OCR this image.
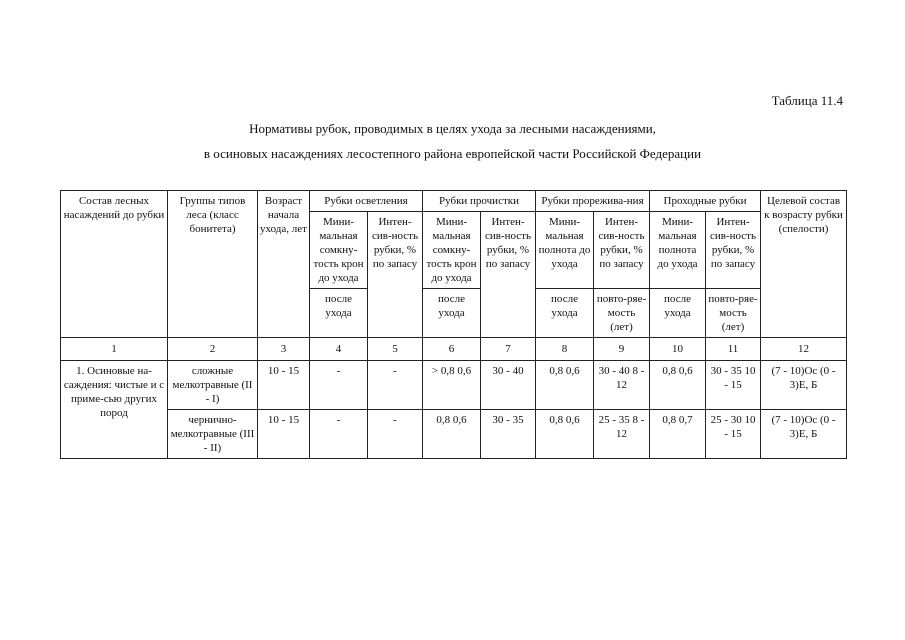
Таблица 11.4
Нормативы рубок, проводимых в целях ухода за лесными насаждениями,
в осиновых насаждениях лесостепного района европейской части Российской Федерации
Состав лесных насаждений до рубки	Группы типов леса (класс бонитета)	Возраст начала ухода, лет	Рубки осветления		Рубки прочистки		Рубки прорежива-ния		Проходные рубки		Целевой состав к возрасту рубки (спелости)
			Мини-мальная сомкну-тость крон до ухода	Интен-сив-ность рубки, % по запасу	Мини-мальная сомкну-тость крон до ухода	Интен-сив-ность рубки, % по запасу	Мини-мальная полнота до ухода	Интен-сив-ность рубки, % по запасу	Мини-мальная полнота до ухода	Интен-сив-ность рубки, % по запасу	
			после ухода		после ухода		после ухода	повто-ряе-мость (лет)	после ухода	повто-ряе-мость (лет)	
1	2	3	4	5	6	7	8	9	10	11	12
1. Осиновые на-саждения: чистые и с приме-сью других пород	сложные мелкотравные (II - I)	10 - 15	-	-	> 0,8 0,6	30 - 40	0,8 0,6	30 - 40 8 - 12	0,8 0,6	30 - 35 10 - 15	(7 - 10)Ос (0 - 3)Е, Б
	чернично-мелкотравные (III - II)	10 - 15	-	-	0,8 0,6	30 - 35	0,8 0,6	25 - 35 8 - 12	0,8 0,7	25 - 30 10 - 15	(7 - 10)Ос (0 - 3)Е, Б
